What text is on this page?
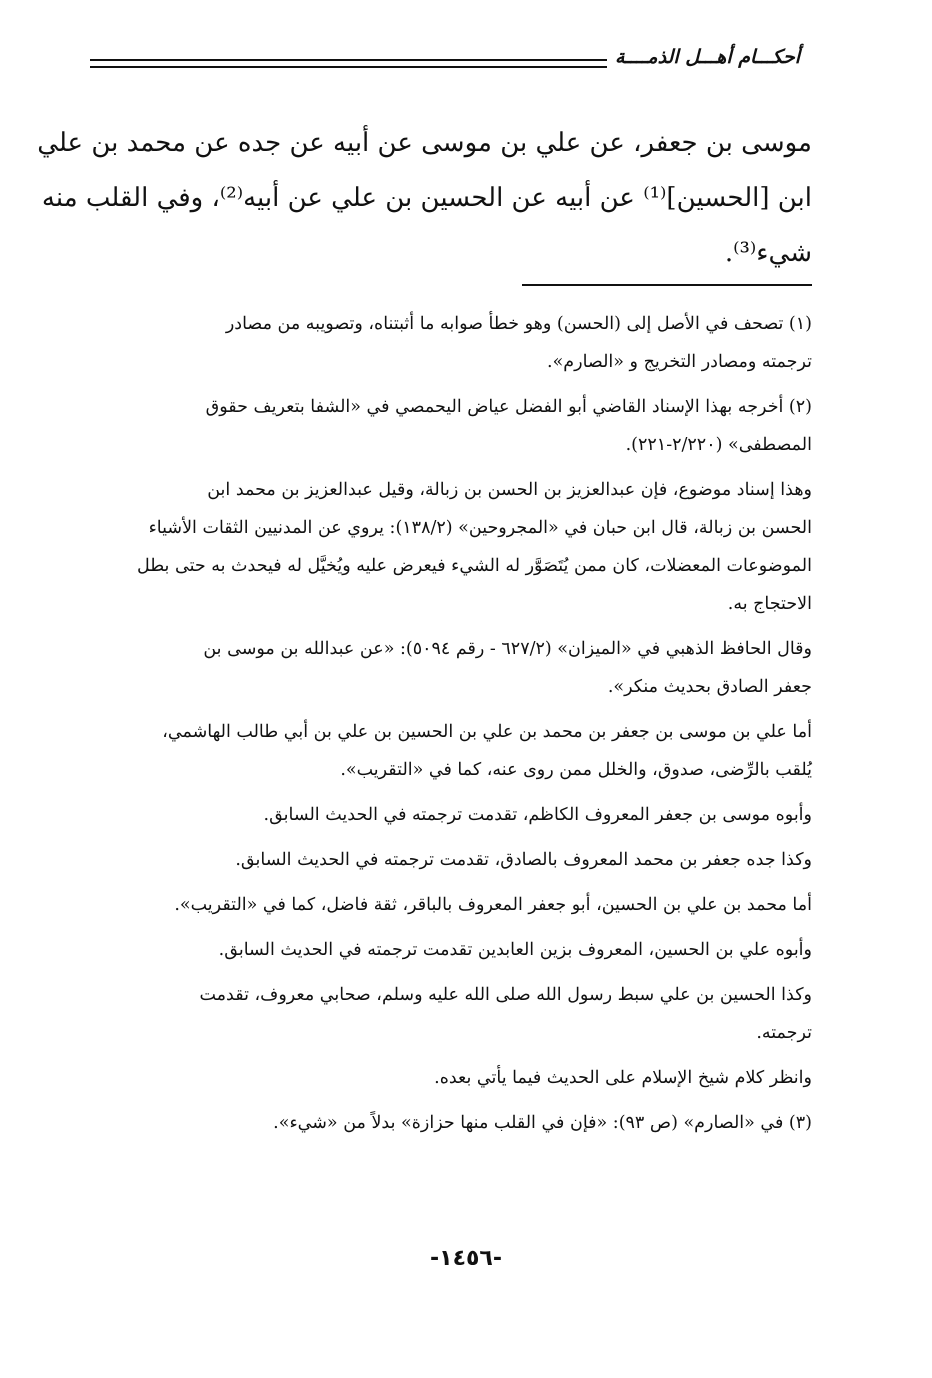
أحكـــام أهـــل الذمــــة
موسى بن جعفر، عن علي بن موسى عن أبيه عن جده عن محمد بن علي
ابن [الحسين]⁽¹⁾ عن أبيه عن الحسين بن علي عن أبيه⁽²⁾، وفي القلب منه
شيء⁽³⁾.
(١) تصحف في الأصل إلى (الحسن) وهو خطأ صوابه ما أثبتناه، وتصويبه من مصادر
ترجمته ومصادر التخريج و «الصارم».
(٢) أخرجه بهذا الإسناد القاضي أبو الفضل عياض اليحمصي في «الشفا بتعريف حقوق
المصطفى» (٢/٢٢٠-٢٢١).
وهذا إسناد موضوع، فإن عبدالعزيز بن الحسن بن زبالة، وقيل عبدالعزيز بن محمد ابن
الحسن بن زبالة، قال ابن حبان في «المجروحين» (١٣٨/٢): يروي عن المدنيين الثقات الأشياء
الموضوعات المعضلات، كان ممن يُتَصَوَّر له الشيء فيعرض عليه ويُخيَّل له فيحدث به حتى بطل
الاحتجاج به.
وقال الحافظ الذهبي في «الميزان» (٦٢٧/٢ - رقم ٥٠٩٤): «عن عبدالله بن موسى بن
جعفر الصادق بحديث منكر».
أما علي بن موسى بن جعفر بن محمد بن علي بن الحسين بن علي بن أبي طالب الهاشمي،
يُلقب بالرِّضى، صدوق، والخلل ممن روى عنه، كما في «التقريب».
وأبوه موسى بن جعفر المعروف الكاظم، تقدمت ترجمته في الحديث السابق.
وكذا جده جعفر بن محمد المعروف بالصادق، تقدمت ترجمته في الحديث السابق.
أما محمد بن علي بن الحسين، أبو جعفر المعروف بالباقر، ثقة فاضل، كما في «التقريب».
وأبوه علي بن الحسين، المعروف بزين العابدين تقدمت ترجمته في الحديث السابق.
وكذا الحسين بن علي سبط رسول الله صلى الله عليه وسلم، صحابي معروف، تقدمت
ترجمته.
وانظر كلام شيخ الإسلام على الحديث فيما يأتي بعده.
(٣) في «الصارم» (ص ٩٣): «فإن في القلب منها حزازة» بدلاً من «شيء».
-١٤٥٦-
